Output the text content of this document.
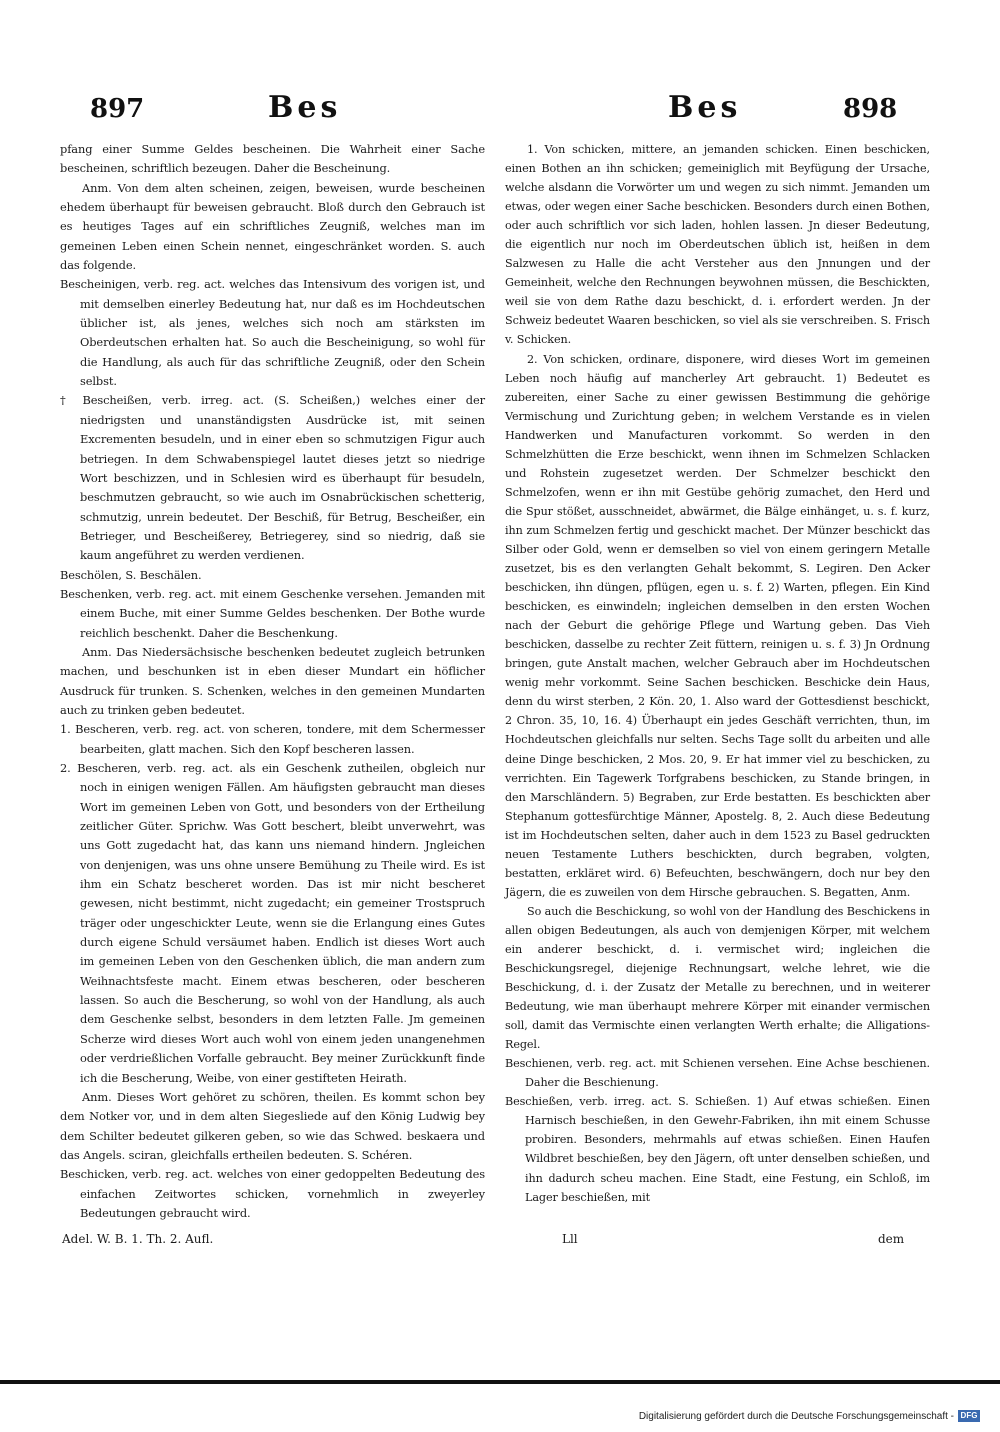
897	Bes	Bes	898

pfang einer Summe Geldes bescheinen. Die Wahrheit einer Sache bescheinen, schriftlich bezeugen. Daher die Bescheinung.

Anm. Von dem alten scheinen, zeigen, beweisen, wurde bescheinen ehedem überhaupt für beweisen gebraucht. Bloß durch den Gebrauch ist es heutiges Tages auf ein schriftliches Zeugniß, welches man im gemeinen Leben einen Schein nennet, eingeschränket worden. S. auch das folgende.

Bescheinigen, verb. reg. act. welches das Intensivum des vorigen ist, und mit demselben einerley Bedeutung hat, nur daß es im Hochdeutschen üblicher ist, als jenes, welches sich noch am stärksten im Oberdeutschen erhalten hat. So auch die Bescheinigung, so wohl für die Handlung, als auch für das schriftliche Zeugniß, oder den Schein selbst.

† Bescheißen, verb. irreg. act. (S. Scheißen,) welches einer der niedrigsten und unanständigsten Ausdrücke ist, mit seinen Excrementen besudeln, und in einer eben so schmutzigen Figur auch betriegen. In dem Schwabenspiegel lautet dieses jetzt so niedrige Wort beschizzen, und in Schlesien wird es überhaupt für besudeln, beschmutzen gebraucht, so wie auch im Osnabrückischen schetterig, schmutzig, unrein bedeutet. Der Beschiß, für Betrug, Bescheißer, ein Betrieger, und Bescheißerey, Betriegerey, sind so niedrig, daß sie kaum angeführet zu werden verdienen.

Beschölen, S. Beschälen.

Beschenken, verb. reg. act. mit einem Geschenke versehen. Jemanden mit einem Buche, mit einer Summe Geldes beschenken. Der Bothe wurde reichlich beschenkt. Daher die Beschenkung.

Anm. Das Niedersächsische beschenken bedeutet zugleich betrunken machen, und beschunken ist in eben dieser Mundart ein höflicher Ausdruck für trunken. S. Schenken, welches in den gemeinen Mundarten auch zu trinken geben bedeutet.

1. Bescheren, verb. reg. act. von scheren, tondere, mit dem Schermesser bearbeiten, glatt machen. Sich den Kopf bescheren lassen.

2. Bescheren, verb. reg. act. als ein Geschenk zutheilen, obgleich nur noch in einigen wenigen Fällen. Am häufigsten gebraucht man dieses Wort im gemeinen Leben von Gott, und besonders von der Ertheilung zeitlicher Güter. Sprichw. Was Gott beschert, bleibt unverwehrt, was uns Gott zugedacht hat, das kann uns niemand hindern. Jngleichen von denjenigen, was uns ohne unsere Bemühung zu Theile wird. Es ist ihm ein Schatz bescheret worden. Das ist mir nicht bescheret gewesen, nicht bestimmt, nicht zugedacht; ein gemeiner Trostspruch träger oder ungeschickter Leute, wenn sie die Erlangung eines Gutes durch eigene Schuld versäumet haben. Endlich ist dieses Wort auch im gemeinen Leben von den Geschenken üblich, die man andern zum Weihnachtsfeste macht. Einem etwas bescheren, oder bescheren lassen. So auch die Bescherung, so wohl von der Handlung, als auch dem Geschenke selbst, besonders in dem letzten Falle. Jm gemeinen Scherze wird dieses Wort auch wohl von einem jeden unangenehmen oder verdrießlichen Vorfalle gebraucht. Bey meiner Zurückkunft finde ich die Bescherung, Weibe, von einer gestifteten Heirath.

Anm. Dieses Wort gehöret zu schören, theilen. Es kommt schon bey dem Notker vor, und in dem alten Siegesliede auf den König Ludwig bey dem Schilter bedeutet gilkeren geben, so wie das Schwed. beskaera und das Angels. sciran, gleichfalls ertheilen bedeuten. S. Schéren.

Beschicken, verb. reg. act. welches von einer gedoppelten Bedeutung des einfachen Zeitwortes schicken, vornehmlich in zweyerley Bedeutungen gebraucht wird.

Adel. W. B. 1. Th. 2. Aufl.

1. Von schicken, mittere, an jemanden schicken. Einen beschicken, einen Bothen an ihn schicken; gemeiniglich mit Beyfügung der Ursache, welche alsdann die Vorwörter um und wegen zu sich nimmt. Jemanden um etwas, oder wegen einer Sache beschicken. Besonders durch einen Bothen, oder auch schriftlich vor sich laden, hohlen lassen. Jn dieser Bedeutung, die eigentlich nur noch im Oberdeutschen üblich ist, heißen in dem Salzwesen zu Halle die acht Versteher aus den Jnnungen und der Gemeinheit, welche den Rechnungen beywohnen müssen, die Beschickten, weil sie von dem Rathe dazu beschickt, d. i. erfordert werden. Jn der Schweiz bedeutet Waaren beschicken, so viel als sie verschreiben. S. Frisch v. Schicken.

2. Von schicken, ordinare, disponere, wird dieses Wort im gemeinen Leben noch häufig auf mancherley Art gebraucht. 1) Bedeutet es zubereiten, einer Sache zu einer gewissen Bestimmung die gehörige Vermischung und Zurichtung geben; in welchem Verstande es in vielen Handwerken und Manufacturen vorkommt. So werden in den Schmelzhütten die Erze beschickt, wenn ihnen im Schmelzen Schlacken und Rohstein zugesetzet werden. Der Schmelzer beschickt den Schmelzofen, wenn er ihn mit Gestübe gehörig zumachet, den Herd und die Spur stößet, ausschneidet, abwärmet, die Bälge einhänget, u. s. f. kurz, ihn zum Schmelzen fertig und geschickt machet. Der Münzer beschickt das Silber oder Gold, wenn er demselben so viel von einem geringern Metalle zusetzet, bis es den verlangten Gehalt bekommt, S. Legiren. Den Acker beschicken, ihn düngen, pflügen, egen u. s. f. 2) Warten, pflegen. Ein Kind beschicken, es einwindeln; ingleichen demselben in den ersten Wochen nach der Geburt die gehörige Pflege und Wartung geben. Das Vieh beschicken, dasselbe zu rechter Zeit füttern, reinigen u. s. f. 3) Jn Ordnung bringen, gute Anstalt machen, welcher Gebrauch aber im Hochdeutschen wenig mehr vorkommt. Seine Sachen beschicken. Beschicke dein Haus, denn du wirst sterben, 2 Kön. 20, 1. Also ward der Gottesdienst beschickt, 2 Chron. 35, 10, 16. 4) Überhaupt ein jedes Geschäft verrichten, thun, im Hochdeutschen gleichfalls nur selten. Sechs Tage sollt du arbeiten und alle deine Dinge beschicken, 2 Mos. 20, 9. Er hat immer viel zu beschicken, zu verrichten. Ein Tagewerk Torfgrabens beschicken, zu Stande bringen, in den Marschländern. 5) Begraben, zur Erde bestatten. Es beschickten aber Stephanum gottesfürchtige Männer, Apostelg. 8, 2. Auch diese Bedeutung ist im Hochdeutschen selten, daher auch in dem 1523 zu Basel gedruckten neuen Testamente Luthers beschickten, durch begraben, volgten, bestatten, erkläret wird. 6) Befeuchten, beschwängern, doch nur bey den Jägern, die es zuweilen von dem Hirsche gebrauchen. S. Begatten, Anm.

So auch die Beschickung, so wohl von der Handlung des Beschickens in allen obigen Bedeutungen, als auch von demjenigen Körper, mit welchem ein anderer beschickt, d. i. vermischet wird; ingleichen die Beschickungsregel, diejenige Rechnungsart, welche lehret, wie die Beschickung, d. i. der Zusatz der Metalle zu berechnen, und in weiterer Bedeutung, wie man überhaupt mehrere Körper mit einander vermischen soll, damit das Vermischte einen verlangten Werth erhalte; die Alligations-Regel.

Beschienen, verb. reg. act. mit Schienen versehen. Eine Achse beschienen. Daher die Beschienung.

Beschießen, verb. irreg. act. S. Schießen. 1) Auf etwas schießen. Einen Harnisch beschießen, in den Gewehr-Fabriken, ihn mit einem Schusse probiren. Besonders, mehrmahls auf etwas schießen. Einen Haufen Wildbret beschießen, bey den Jägern, oft unter denselben schießen, und ihn dadurch scheu machen. Eine Stadt, eine Festung, ein Schloß, im Lager beschießen, mit

Lll	dem
Digitalisierung gefördert durch die Deutsche Forschungsgemeinschaft - DFG
